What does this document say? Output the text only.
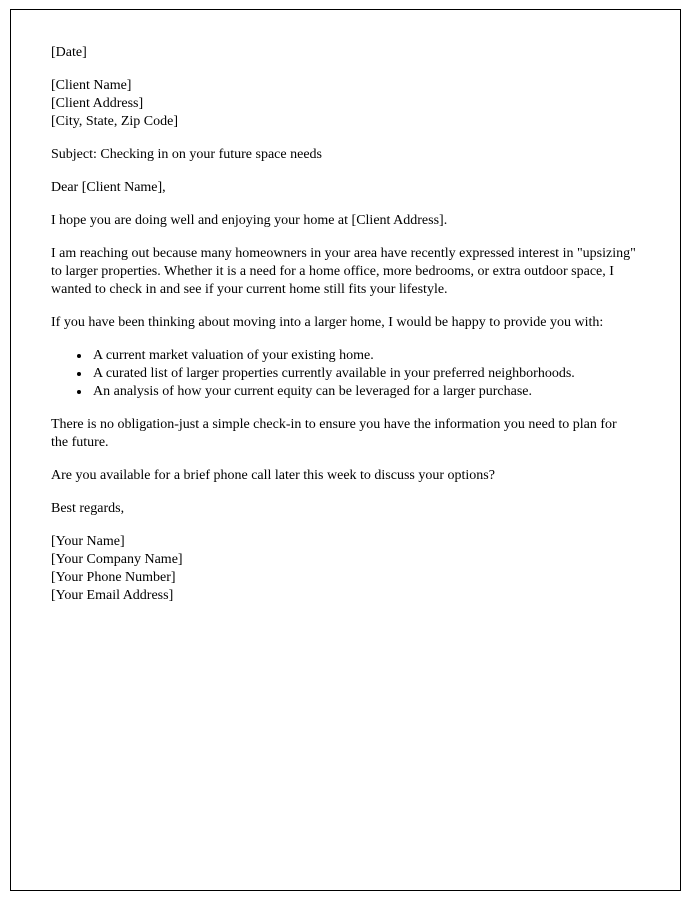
[Date]

[Client Name]

[Client Address]

[City, State, Zip Code]

Subject: Checking in on your future space needs

Dear [Client Name],

I hope you are doing well and enjoying your home at [Client Address].

I am reaching out because many homeowners in your area have recently expressed interest in "upsizing" to larger properties. Whether it is a need for a home office, more bedrooms, or extra outdoor space, I wanted to check in and see if your current home still fits your lifestyle.

If you have been thinking about moving into a larger home, I would be happy to provide you with:

• A current market valuation of your existing home.
• A curated list of larger properties currently available in your preferred neighborhoods.
• An analysis of how your current equity can be leveraged for a larger purchase.

There is no obligation-just a simple check-in to ensure you have the information you need to plan for the future.

Are you available for a brief phone call later this week to discuss your options?

Best regards,

[Your Name]

[Your Company Name]

[Your Phone Number]

[Your Email Address]
